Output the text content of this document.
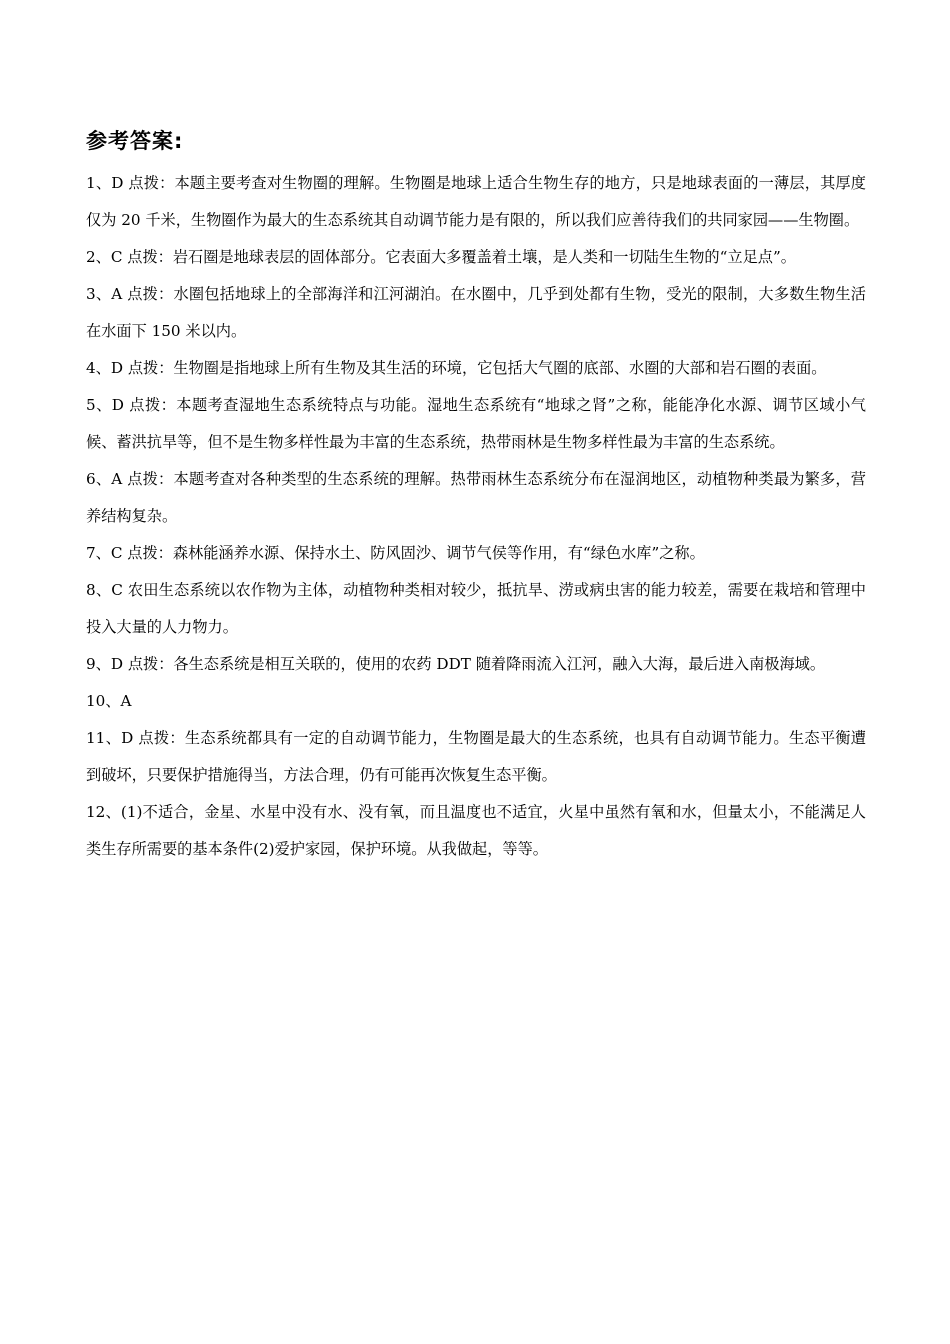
参考答案:

1、D 点拨：本题主要考查对生物圈的理解。生物圈是地球上适合生物生存的地方，只是地球表面的一薄层，其厚度仅为 20 千米，生物圈作为最大的生态系统其自动调节能力是有限的，所以我们应善待我们的共同家园——生物圈。

2、C 点拨：岩石圈是地球表层的固体部分。它表面大多覆盖着土壤，是人类和一切陆生生物的“立足点”。

3、A 点拨：水圈包括地球上的全部海洋和江河湖泊。在水圈中，几乎到处都有生物，受光的限制，大多数生物生活在水面下 150 米以内。

4、D 点拨：生物圈是指地球上所有生物及其生活的环境，它包括大气圈的底部、水圈的大部和岩石圈的表面。

5、D 点拨：本题考查湿地生态系统特点与功能。湿地生态系统有“地球之肾”之称，能能净化水源、调节区域小气候、蓄洪抗旱等，但不是生物多样性最为丰富的生态系统，热带雨林是生物多样性最为丰富的生态系统。

6、A 点拨：本题考查对各种类型的生态系统的理解。热带雨林生态系统分布在湿润地区，动植物种类最为繁多，营养结构复杂。

7、C 点拨：森林能涵养水源、保持水土、防风固沙、调节气侯等作用，有“绿色水库”之称。

8、C 农田生态系统以农作物为主体，动植物种类相对较少，抵抗旱、涝或病虫害的能力较差，需要在栽培和管理中投入大量的人力物力。

9、D 点拨：各生态系统是相互关联的，使用的农药 DDT 随着降雨流入江河，融入大海，最后进入南极海域。

10、A

11、D 点拨：生态系统都具有一定的自动调节能力，生物圈是最大的生态系统，也具有自动调节能力。生态平衡遭到破坏，只要保护措施得当，方法合理，仍有可能再次恢复生态平衡。

12、(1)不适合，金星、水星中没有水、没有氧，而且温度也不适宜，火星中虽然有氧和水，但量太小，不能满足人类生存所需要的基本条件(2)爱护家园，保护环境。从我做起，等等。
